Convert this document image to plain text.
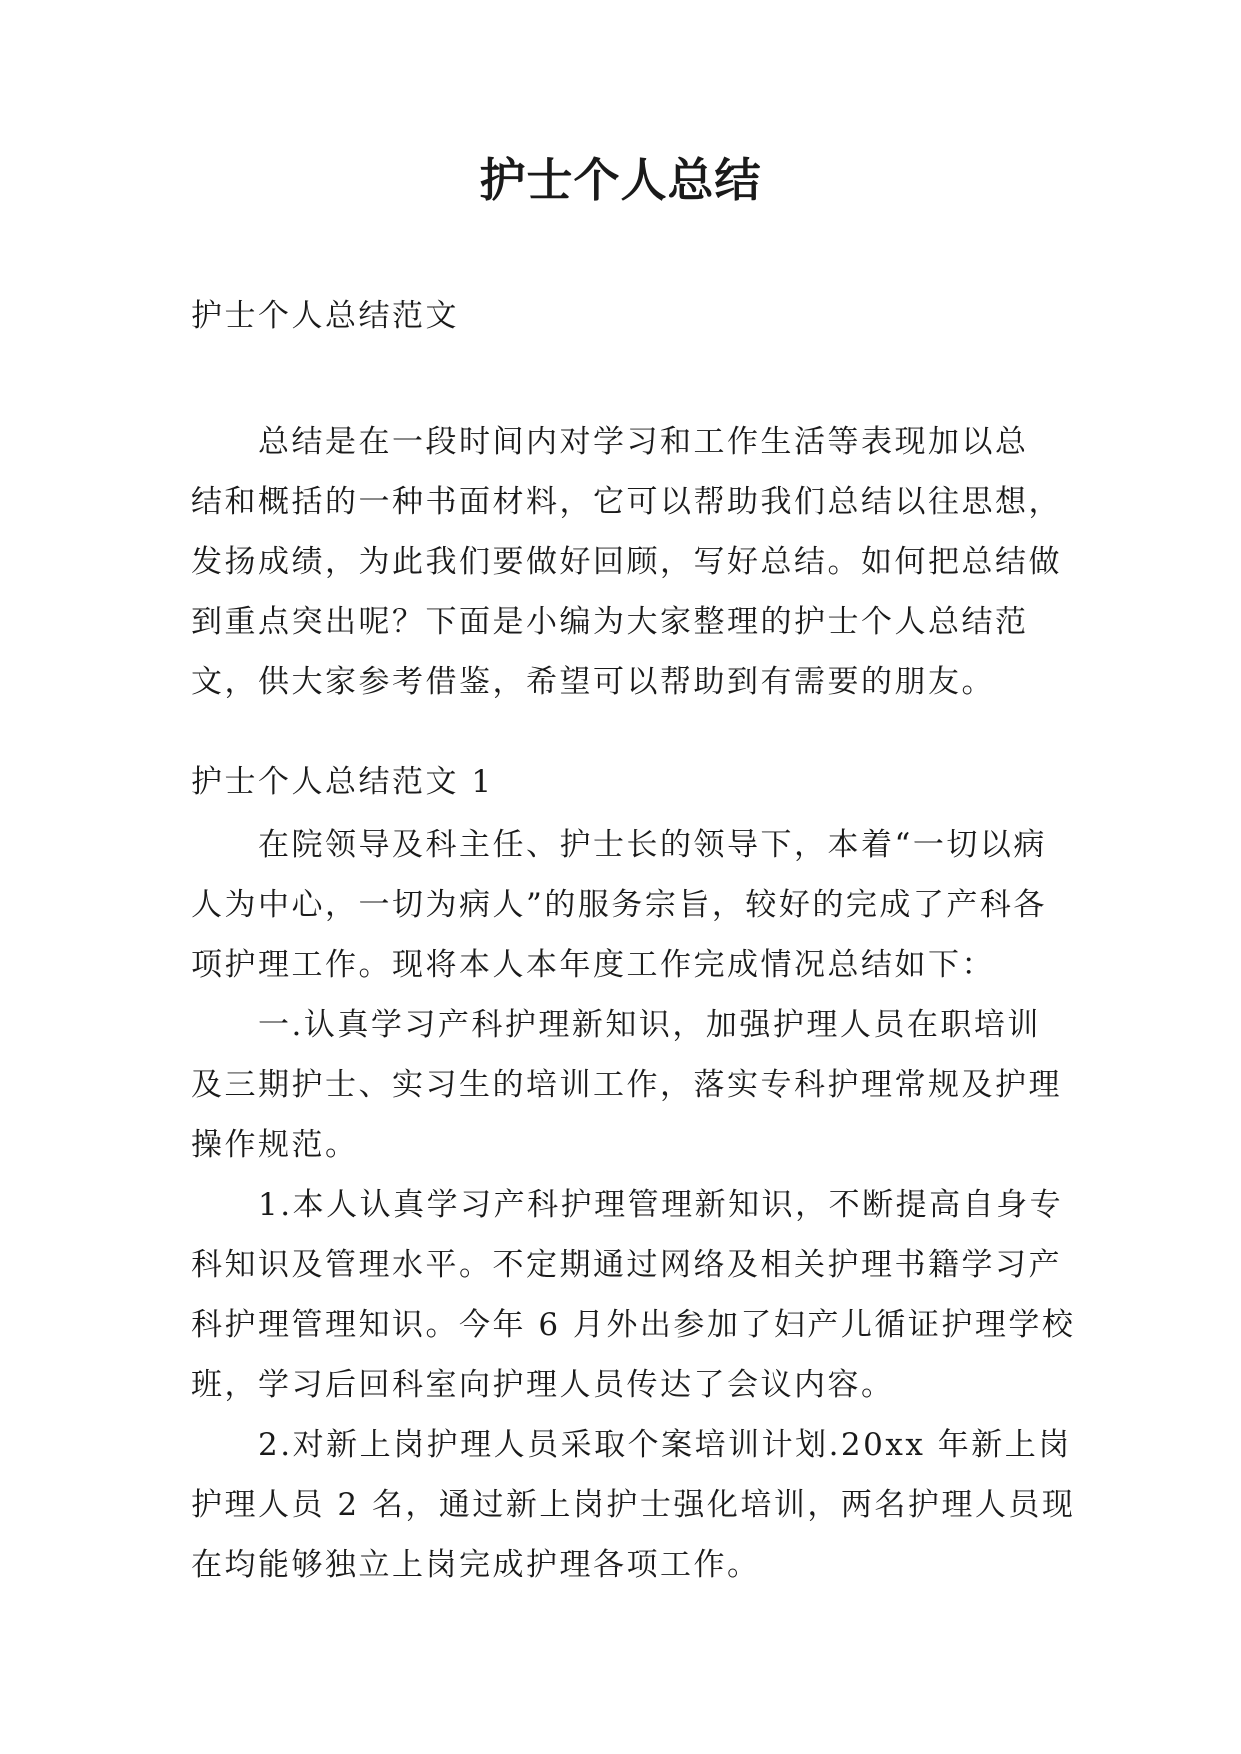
护士个人总结

护士个人总结范文

总结是在一段时间内对学习和工作生活等表现加以总
结和概括的一种书面材料，它可以帮助我们总结以往思想，
发扬成绩，为此我们要做好回顾，写好总结。如何把总结做
到重点突出呢？下面是小编为大家整理的护士个人总结范
文，供大家参考借鉴，希望可以帮助到有需要的朋友。

护士个人总结范文 1

在院领导及科主任、护士长的领导下，本着“一切以病
人为中心，一切为病人”的服务宗旨，较好的完成了产科各
项护理工作。现将本人本年度工作完成情况总结如下：
一.认真学习产科护理新知识，加强护理人员在职培训
及三期护士、实习生的培训工作，落实专科护理常规及护理
操作规范。
1.本人认真学习产科护理管理新知识，不断提高自身专
科知识及管理水平。不定期通过网络及相关护理书籍学习产
科护理管理知识。今年 6 月外出参加了妇产儿循证护理学校
班，学习后回科室向护理人员传达了会议内容。
2.对新上岗护理人员采取个案培训计划.20xx 年新上岗
护理人员 2 名，通过新上岗护士强化培训，两名护理人员现
在均能够独立上岗完成护理各项工作。
